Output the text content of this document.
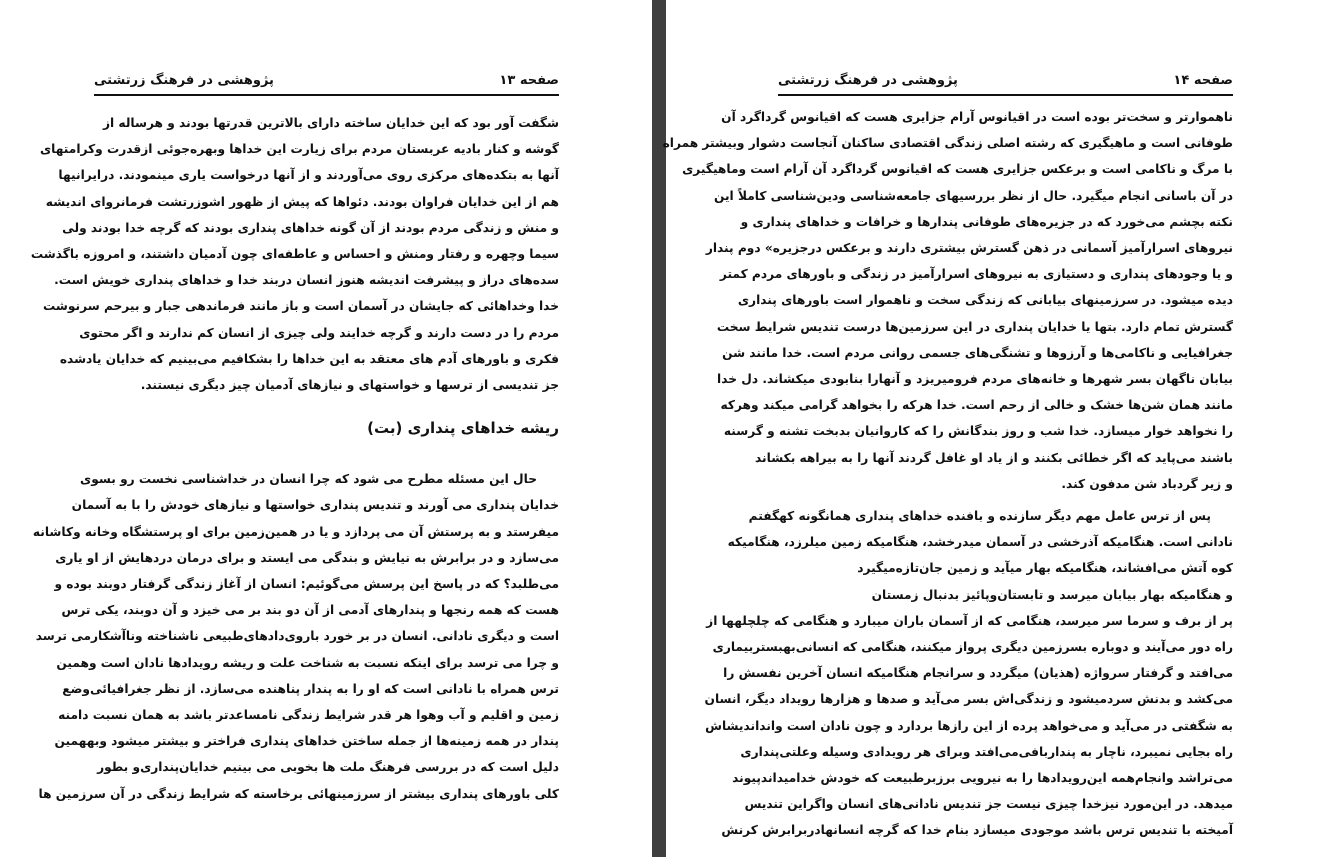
صفحه ۱۳
پژوهشی در فرهنگ زرتشتی
شگفت آور بود که این خدایان ساخته دارای بالاترین قدرتها بودند و هرساله از
گوشه و کنار بادیه عربستان مردم برای زیارت این خداها وبهره‌جوئی ازقدرت وکرامتهای
آنها به بتکده‌های مرکزی روی می‌آوردند و از آنها درخواست یاری مینمودند. درایرانیها
هم از این خدایان فراوان بودند. دئواها که پیش از ظهور اشوزرتشت فرمانروای اندیشه
و منش و زندگی مردم بودند از آن گونه خدا‌های پنداری بودند که گرچه خدا بودند ولی
سیما وچهره و رفتار ومنش و احساس و عاطفه‌ای چون آدمیان داشتند، و امروزه باگذشت
سده‌های دراز و پیشرفت اندیشه هنوز انسان دربند خدا و خداهای پنداری خویش است.
خدا وخداهائی که جایشان در آسمان است و باز مانند فرماندهی جبار و بیرحم سرنوشت
مردم را در دست دارند و گرچه خدایند ولی چیزی از انسان کم ندارند و اگر محتوی
فکری و باورهای آدم های معتقد به این خداها را بشکافیم می‌بینیم که خدایان یادشده
جز تندیسی از ترسها و خواستهای و نیازهای آدمیان چیز دیگری نیستند.
ریشه خداهای پنداری (بت)
حال این مسئله مطرح می شود که چرا انسان در خداشناسی نخست رو بسوی
خدایان پنداری می آورند و تندیس پنداری خواستها و نیازهای خودش را با به آسمان
میفرستد و به پرستش آن می پردازد و یا در همین‌زمین برای او پرستشگاه وخانه وکاشانه
می‌سازد و در برابرش به نیایش و بندگی می ایستد و برای درمان دردهایش از او یاری
می‌طلبد؟ که در پاسخ این پرسش می‌گوئیم: انسان از آغاز زندگی گرفتار دوبند بوده و
هست که همه رنجها و پندارهای آدمی از آن دو بند بر می خیزد و آن دوبند، یکی ترس
است و دیگری نادانی. انسان در بر خورد باروی‌دادهای‌طبیعی ناشناخته وناآشکارمی ترسد
و چرا می ترسد برای اینکه نسبت به شناخت علت و ریشه رویدادها نادان است وهمین
ترس همراه با نادانی است که او را به پندار پناهنده می‌سازد. از نظر جغرافیائی‌وضع
زمین و اقلیم و آب وهوا هر قدر شرایط زندگی نامساعدتر باشد به همان نسبت دامنه
پندار در همه زمینه‌ها از جمله ساختن خداهای پنداری فراختر و بیشتر میشود وبههمین
دلیل است که در بررسی فرهنگ ملت ها بخوبی می بینیم خدایان‌پنداری‌و بطور
کلی باورهای پنداری بیشتر از سرزمینهائی برخاسته که شرایط زندگی در آن سرزمین ها
صفحه ۱۴
پژوهشی در فرهنگ زرتشتی
ناهموارتر و سخت‌تر بوده است در اقیانوس آرام جزایری هست که اقیانوس گرداگرد آن
طوفانی است و ماهیگیری که رشته اصلی زندگی اقتصادی ساکنان آنجاست دشوار وبیشتر همراه
با مرگ و ناکامی است و برعکس جزایری هست که اقیانوس گرداگرد آن آرام است وماهیگیری
در آن باسانی انجام میگیرد. حال از نظر بررسیهای جامعه‌شناسی ودین‌شناسی کاملاً این
نکته بچشم می‌خورد که در جزیره‌های طوفانی پندارها و خرافات و خداهای پنداری و
نیروهای اسرارآمیز آسمانی در ذهن گسترش بیشتری دارند و برعکس درجزیره» دوم پندار
و یا وجودهای پنداری و دستیازی به نیروهای اسرارآمیز در زندگی و باورهای مردم کمتر
دیده میشود. در سرزمینهای بیابانی که زندگی سخت و ناهموار است باورهای پنداری
گسترش تمام دارد. بتها یا خدایان پنداری در این سرزمین‌ها درست تندیس شرایط سخت
جغرافیایی و ناکامی‌ها و آرزوها و تشنگی‌های جسمی روانی مردم است. خدا مانند شن
بیابان ناگهان بسر شهرها و خانه‌های مردم فرومیریزد و آنهارا بنابودی میکشاند. دل خدا
مانند همان شن‌ها خشک و خالی از رحم است. خدا هرکه را بخواهد گرامی میکند وهرکه
را نخواهد خوار میسازد. خدا شب و روز بندگانش را که کاروانیان بدبخت تشنه و گرسنه
باشند می‌پاید که اگر خطائی بکنند و از یاد او غافل گردند آنها را به بیراهه بکشاند
و زیر گردباد شن مدفون کند.
پس از ترس عامل مهم دیگر سازنده و بافنده خداهای پنداری همانگونه کهگفتم
نادانی است. هنگامیکه آذرخشی در آسمان میدرخشد، هنگامیکه زمین میلرزد، هنگامیکه
کوه آتش می‌افشاند، هنگامیکه بهار میآید و زمین جان‌تازه‌میگیرد
و هنگامیکه بهار بیابان میرسد و تابستان‌وپائیز بدنبال زمستان
پر از برف و سرما سر میرسد، هنگامی که از آسمان باران میبارد و هنگامی که چلچلهها از
راه دور می‌آیند و دوباره بسرزمین دیگری پرواز میکنند، هنگامی که انسانی‌بهبستر‌بیماری
می‌افتد و گرفتار سرواژه (هذیان) میگردد و سرانجام هنگامیکه انسان آخرین نفسش را
می‌کشد و بدنش سردمیشود و زندگی‌اش بسر می‌آید و صدها و هزارها رویداد دیگر، انسان
به شگفتی در می‌آید و می‌خواهد پرده از این رازها بردارد و چون نادان است وانداندیشاش
راه بجایی نمیبرد، ناچار به پنداربافی‌می‌افتد وبرای هر رویدادی وسیله وعلتی‌پنداری
می‌تراشد وانجام‌همه این‌رویدادها را به نیرویی برزبرطبیعت که خودش خدامیداندپیوند
میدهد. در این‌مورد نیزخدا چیزی نیست جز تندیس نادانی‌های انسان واگراین تندیس
آمیخته با تندیس ترس باشد موجودی میسازد بنام خدا که گرچه انسانهادربرابرش کرنش
